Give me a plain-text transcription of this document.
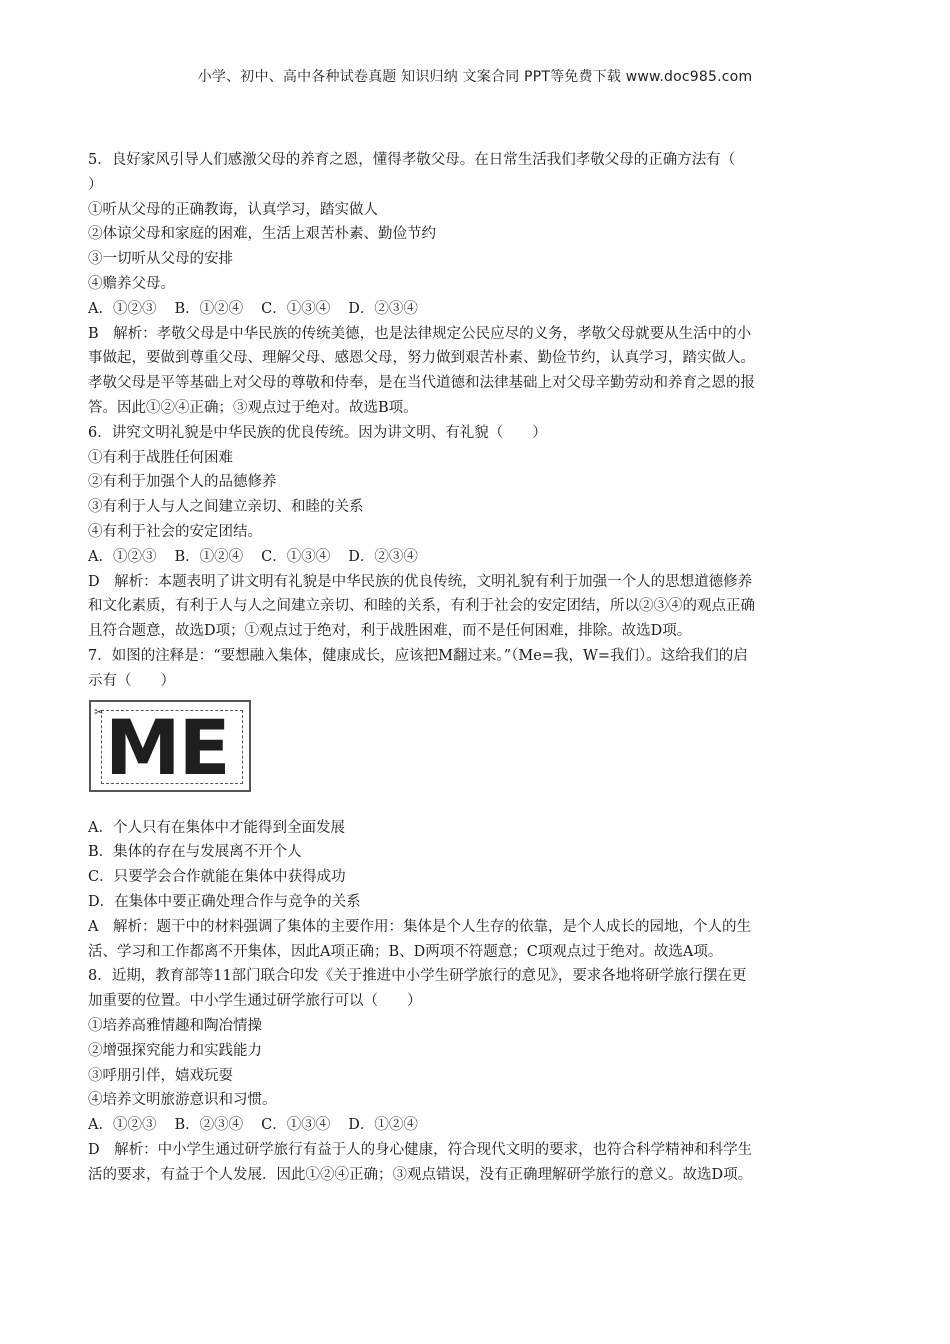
小学、初中、高中各种试卷真题 知识归纳 文案合同 PPT等免费下载 www.doc985.com
5．良好家风引导人们感激父母的养育之恩，懂得孝敬父母。在日常生活我们孝敬父母的正确方法有（
）
①听从父母的正确教诲，认真学习，踏实做人
②体谅父母和家庭的困难，生活上艰苦朴素、勤俭节约
③一切听从父母的安排
④赡养父母。
A．①②③ B．①②④ C．①③④ D．②③④
B　解析：孝敬父母是中华民族的传统美德，也是法律规定公民应尽的义务，孝敬父母就要从生活中的小
事做起，要做到尊重父母、理解父母、感恩父母，努力做到艰苦朴素、勤俭节约，认真学习，踏实做人。
孝敬父母是平等基础上对父母的尊敬和侍奉，是在当代道德和法律基础上对父母辛勤劳动和养育之恩的报
答。因此①②④正确；③观点过于绝对。故选B项。
6．讲究文明礼貌是中华民族的优良传统。因为讲文明、有礼貌（　　）
①有利于战胜任何困难
②有利于加强个人的品德修养
③有利于人与人之间建立亲切、和睦的关系
④有利于社会的安定团结。
A．①②③ B．①②④ C．①③④ D．②③④
D　解析：本题表明了讲文明有礼貌是中华民族的优良传统，文明礼貌有利于加强一个人的思想道德修养
和文化素质，有利于人与人之间建立亲切、和睦的关系，有利于社会的安定团结，所以②③④的观点正确
且符合题意，故选D项；①观点过于绝对，利于战胜困难，而不是任何困难，排除。故选D项。
7．如图的注释是：“要想融入集体，健康成长，应该把M翻过来。”（Me=我，W=我们）。这给我们的启
示有（　　）
✂ ME
A．个人只有在集体中才能得到全面发展
B．集体的存在与发展离不开个人
C．只要学会合作就能在集体中获得成功
D．在集体中要正确处理合作与竞争的关系
A　解析：题干中的材料强调了集体的主要作用：集体是个人生存的依靠，是个人成长的园地，个人的生
活、学习和工作都离不开集体，因此A项正确；B、D两项不符题意；C项观点过于绝对。故选A项。
8．近期，教育部等11部门联合印发《关于推进中小学生研学旅行的意见》，要求各地将研学旅行摆在更
加重要的位置。中小学生通过研学旅行可以（　　）
①培养高雅情趣和陶冶情操
②增强探究能力和实践能力
③呼朋引伴，嬉戏玩耍
④培养文明旅游意识和习惯。
A．①②③ B．②③④ C．①③④ D．①②④
D　解析：中小学生通过研学旅行有益于人的身心健康，符合现代文明的要求，也符合科学精神和科学生
活的要求，有益于个人发展．因此①②④正确；③观点错误，没有正确理解研学旅行的意义。故选D项。
